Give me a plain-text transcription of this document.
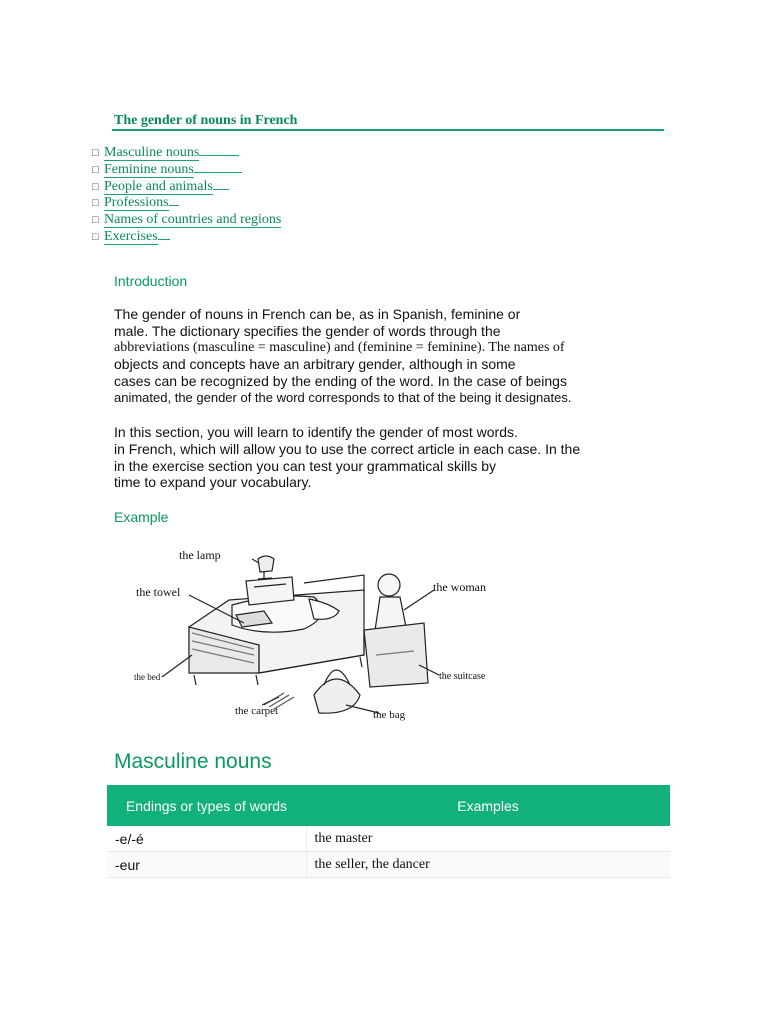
The gender of nouns in French
□ Masculine nouns
□ Feminine nouns
□ People and animals
□ Professions
□ Names of countries and regions
□ Exercises
Introduction
The gender of nouns in French can be, as in Spanish, feminine or
male. The dictionary specifies the gender of words through the
abbreviations (masculine = masculine) and (feminine = feminine). The names of
objects and concepts have an arbitrary gender, although in some
cases can be recognized by the ending of the word. In the case of beings
animated, the gender of the word corresponds to that of the being it designates.
In this section, you will learn to identify the gender of most words.
in French, which will allow you to use the correct article in each case. In the
in the exercise section you can test your grammatical skills by
time to expand your vocabulary.
Example
the lamp
the towel	the woman
the bed	the suitcase
the carpet	the bag
Masculine nouns
Endings or types of words	Examples
-e/-é	the master
-eur	the seller, the dancer
